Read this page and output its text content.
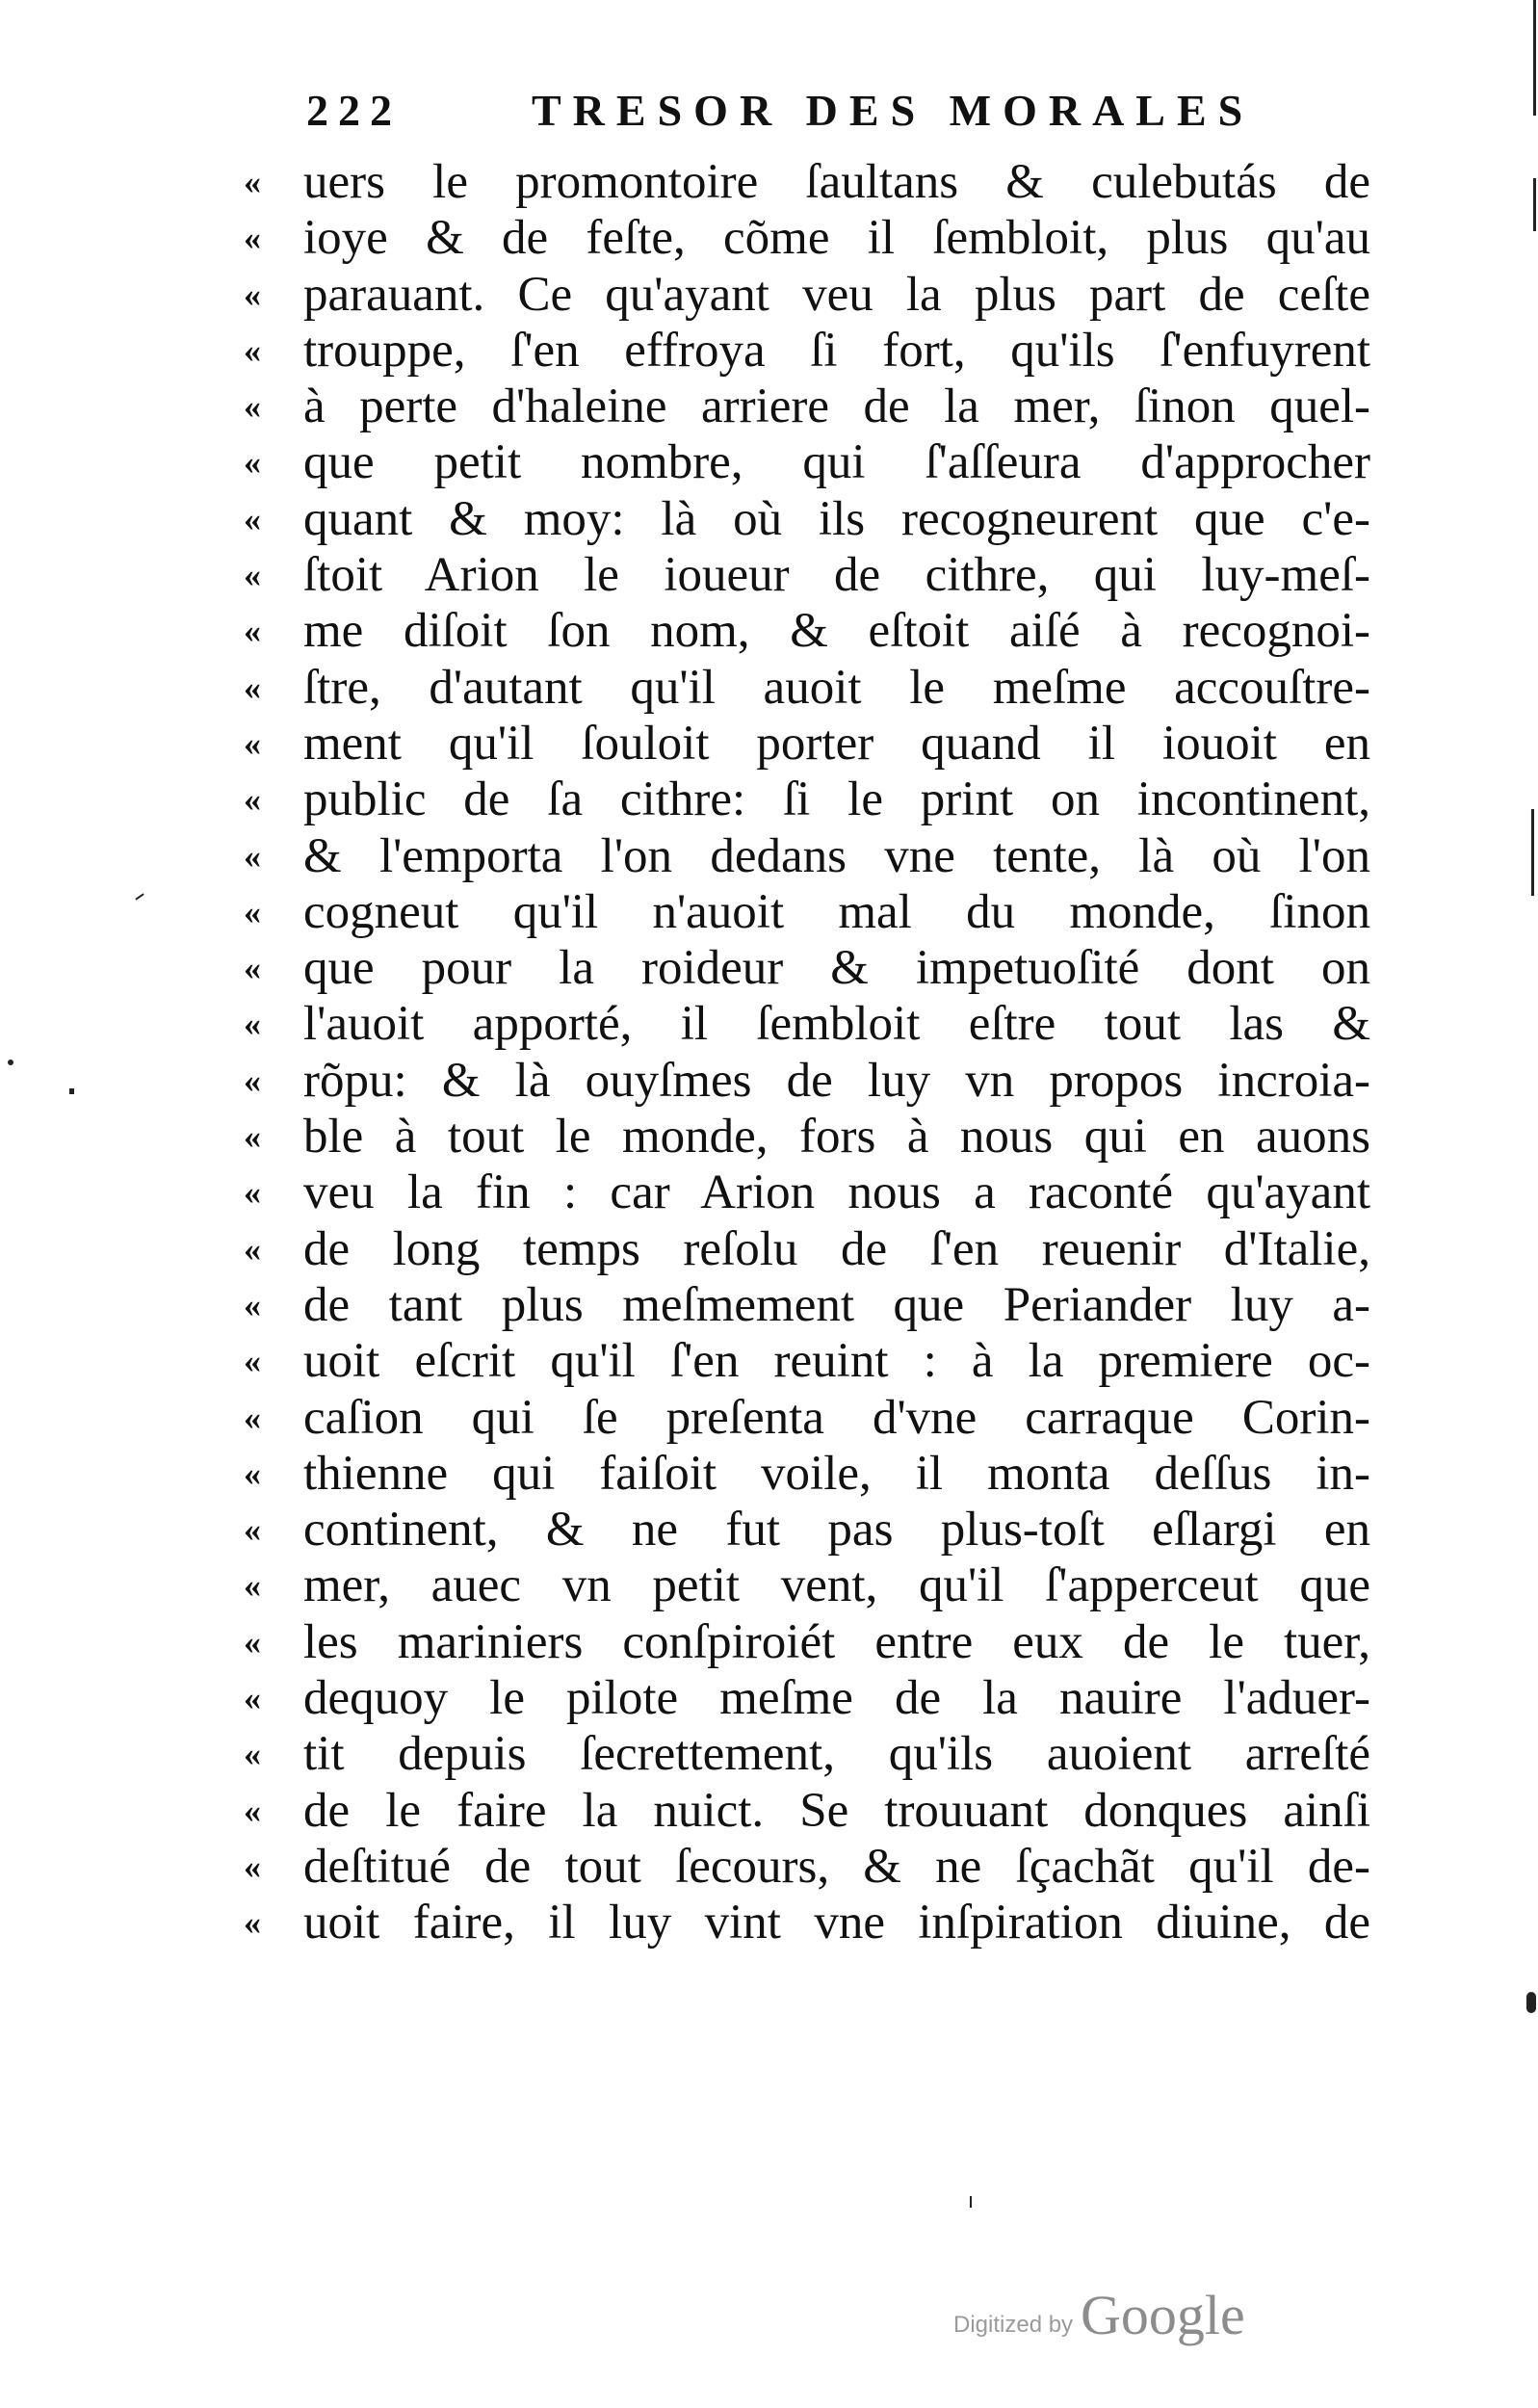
222	TRESOR DES MORALES
« uers le promontoire ſaultans & culebutás de
« ioye & de feſte, cõme il ſembloit, plus qu'au
« parauant. Ce qu'ayant veu la plus part de ceſte
« trouppe, ſ'en effroya ſi fort, qu'ils ſ'enfuyrent
« à perte d'haleine arriere de la mer, ſinon quel-
« que petit nombre, qui ſ'aſſeura d'approcher
« quant & moy: là où ils recogneurent que c'e-
« ſtoit Arion le ioueur de cithre, qui luy-meſ-
« me diſoit ſon nom, & eſtoit aiſé à recognoi-
« ſtre, d'autant qu'il auoit le meſme accouſtre-
« ment qu'il ſouloit porter quand il iouoit en
« public de ſa cithre: ſi le print on incontinent,
« & l'emporta l'on dedans vne tente, là où l'on
« cogneut qu'il n'auoit mal du monde, ſinon
« que pour la roideur & impetuoſité dont on
« l'auoit apporté, il ſembloit eſtre tout las &
« rõpu: & là ouyſmes de luy vn propos incroia-
« ble à tout le monde, fors à nous qui en auons
« veu la fin : car Arion nous a raconté qu'ayant
« de long temps reſolu de ſ'en reuenir d'Italie,
« de tant plus meſmement que Periander luy a-
« uoit eſcrit qu'il ſ'en reuint : à la premiere oc-
« caſion qui ſe preſenta d'vne carraque Corin-
« thienne qui faiſoit voile, il monta deſſus in-
« continent, & ne fut pas plus-toſt eſlargi en
« mer, auec vn petit vent, qu'il ſ'apperceut que
« les mariniers conſpiroiét entre eux de le tuer,
« dequoy le pilote meſme de la nauire l'aduer-
« tit depuis ſecrettement, qu'ils auoient arreſté
« de le faire la nuict. Se trouuant donques ainſi
« deſtitué de tout ſecours, & ne ſçachãt qu'il de-
« uoit faire, il luy vint vne inſpiration diuine, de
Digitized by Google
